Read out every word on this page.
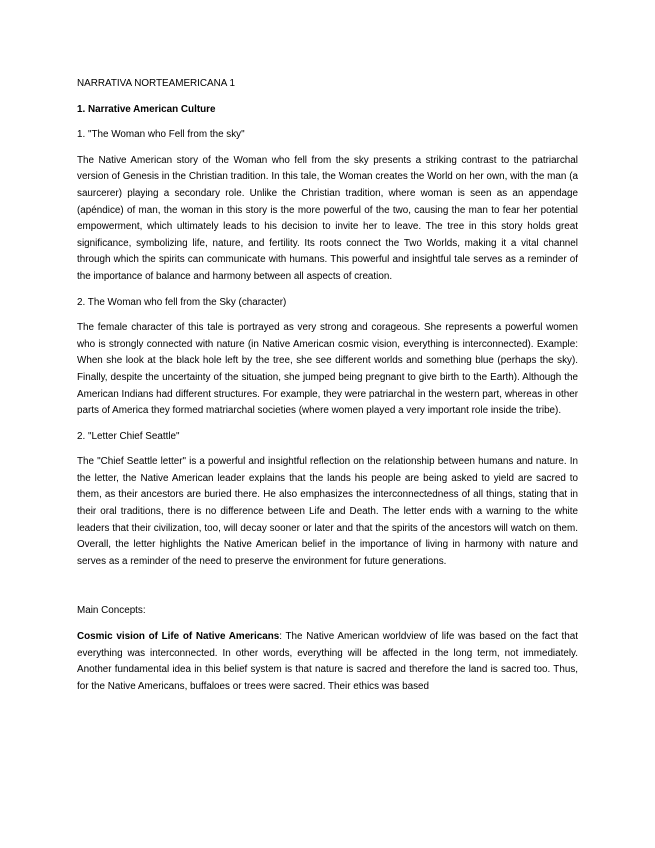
NARRATIVA NORTEAMERICANA 1
1. Narrative American Culture
1. "The Woman who Fell from the sky"

The Native American story of the Woman who fell from the sky presents a striking contrast to the patriarchal version of Genesis in the Christian tradition. In this tale, the Woman creates the World on her own, with the man (a saurcerer) playing a secondary role. Unlike the Christian tradition, where woman is seen as an appendage (apéndice) of man, the woman in this story is the more powerful of the two, causing the man to fear her potential empowerment, which ultimately leads to his decision to invite her to leave. The tree in this story holds great significance, symbolizing life, nature, and fertility. Its roots connect the Two Worlds, making it a vital channel through which the spirits can communicate with humans. This powerful and insightful tale serves as a reminder of the importance of balance and harmony between all aspects of creation.

2. The Woman who fell from the Sky (character)

The female character of this tale is portrayed as very strong and corageous. She represents a powerful women who is strongly connected with nature (in Native American cosmic vision, everything is interconnected). Example: When she look at the black hole left by the tree, she see different worlds and something blue (perhaps the sky). Finally, despite the uncertainty of the situation, she jumped being pregnant to give birth to the Earth). Although the American Indians had different structures. For example, they were patriarchal in the western part, whereas in other parts of America they formed matriarchal societies (where women played a very important role inside the tribe).

2. "Letter Chief Seattle"

The "Chief Seattle letter" is a powerful and insightful reflection on the relationship between humans and nature. In the letter, the Native American leader explains that the lands his people are being asked to yield are sacred to them, as their ancestors are buried there. He also emphasizes the interconnectedness of all things, stating that in their oral traditions, there is no difference between Life and Death. The letter ends with a warning to the white leaders that their civilization, too, will decay sooner or later and that the spirits of the ancestors will watch on them. Overall, the letter highlights the Native American belief in the importance of living in harmony with nature and serves as a reminder of the need to preserve the environment for future generations.

Main Concepts:

Cosmic vision of Life of Native Americans: The Native American worldview of life was based on the fact that everything was interconnected. In other words, everything will be affected in the long term, not immediately. Another fundamental idea in this belief system is that nature is sacred and therefore the land is sacred too. Thus, for the Native Americans, buffaloes or trees were sacred. Their ethics was based
